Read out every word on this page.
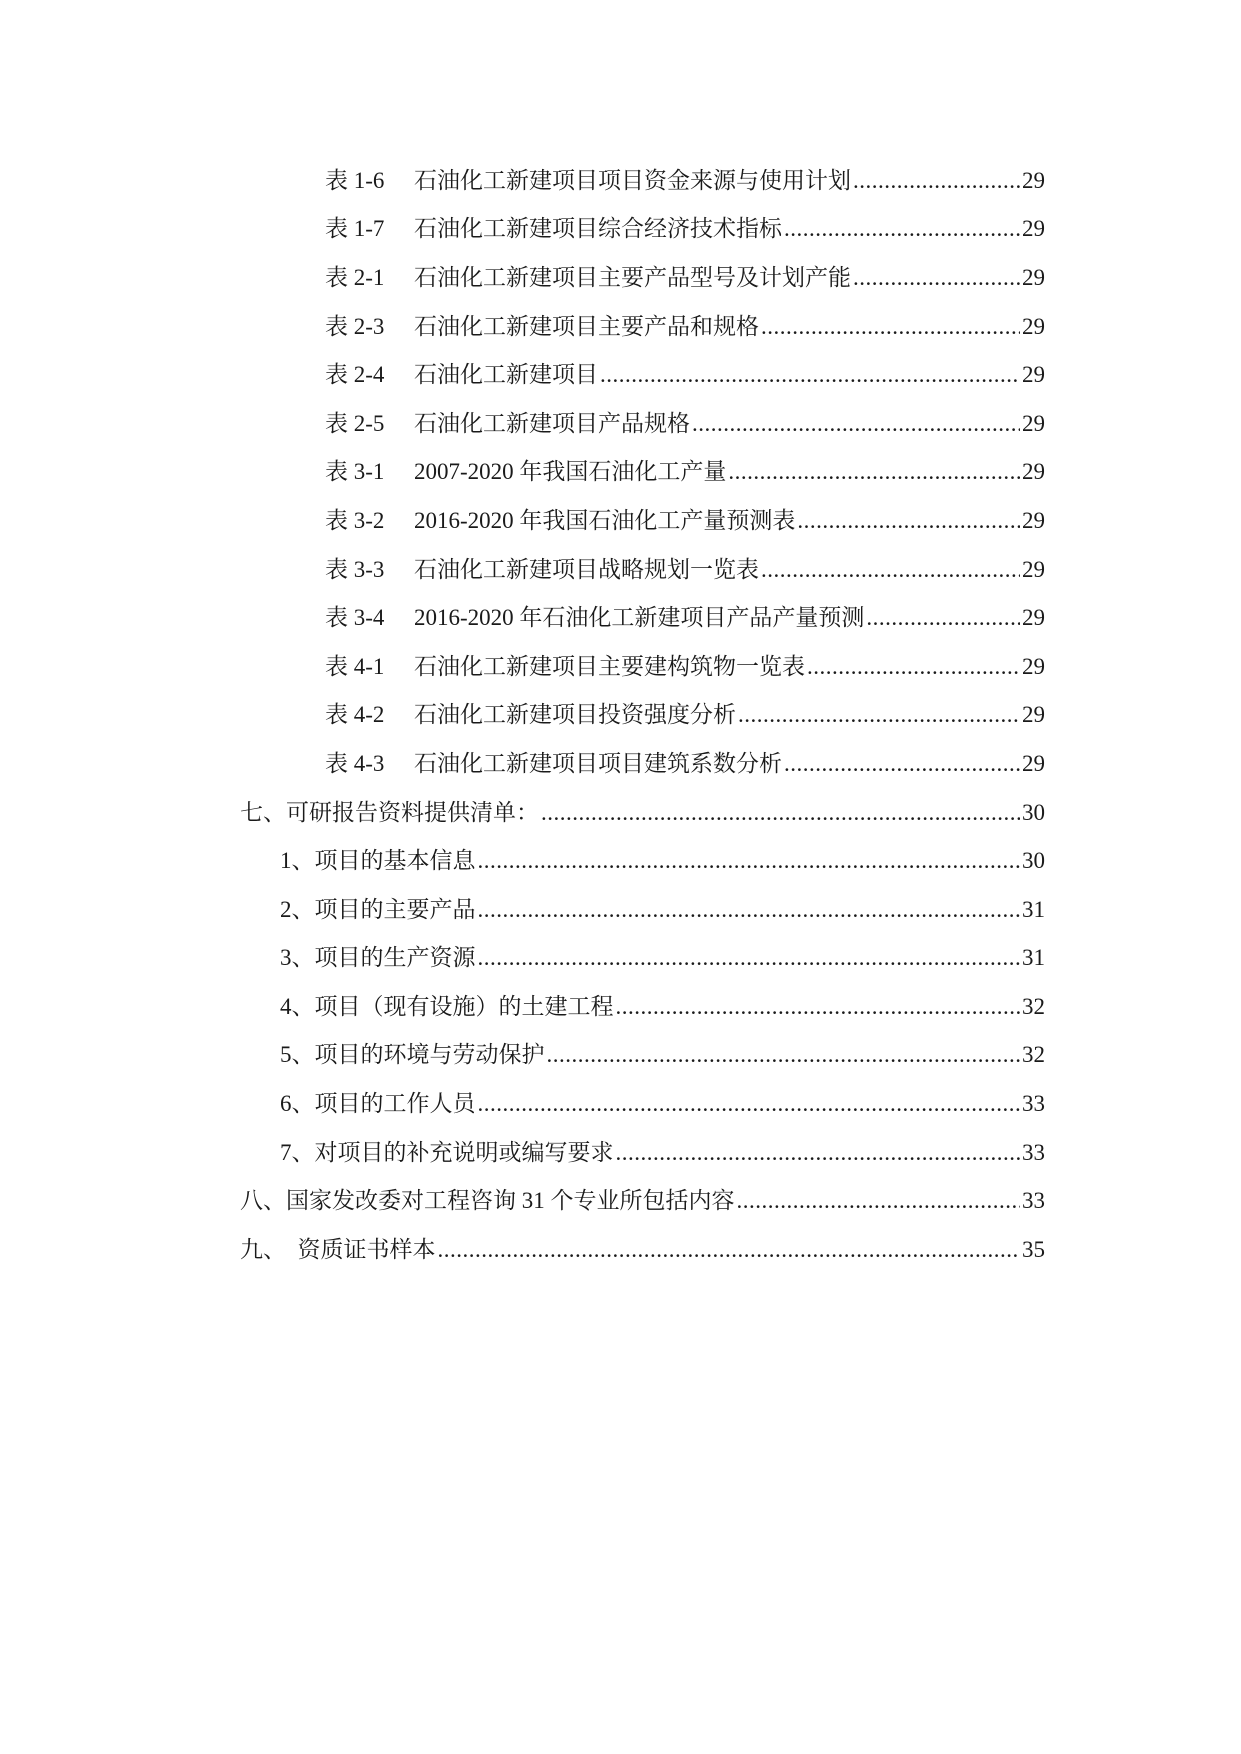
表 1-6	石油化工新建项目项目资金来源与使用计划 .....	29
表 1-7	石油化工新建项目综合经济技术指标 .....	29
表 2-1	石油化工新建项目主要产品型号及计划产能 .....	29
表 2-3	石油化工新建项目主要产品和规格 .....	29
表 2-4	石油化工新建项目 .....	29
表 2-5	石油化工新建项目产品规格 .....	29
表 3-1	2007-2020 年我国石油化工产量 .....	29
表 3-2	2016-2020 年我国石油化工产量预测表 .....	29
表 3-3	石油化工新建项目战略规划一览表 .....	29
表 3-4	2016-2020 年石油化工新建项目产品产量预测 .....	29
表 4-1	石油化工新建项目主要建构筑物一览表 .....	29
表 4-2	石油化工新建项目投资强度分析 .....	29
表 4-3	石油化工新建项目项目建筑系数分析 .....	29
七、可研报告资料提供清单： .....	30
1、项目的基本信息 .....	30
2、项目的主要产品 .....	31
3、项目的生产资源 .....	31
4、项目（现有设施）的土建工程 .....	32
5、项目的环境与劳动保护 .....	32
6、项目的工作人员 .....	33
7、对项目的补充说明或编写要求 .....	33
八、国家发改委对工程咨询 31 个专业所包括内容 .....	33
九、  资质证书样本 .....	35
